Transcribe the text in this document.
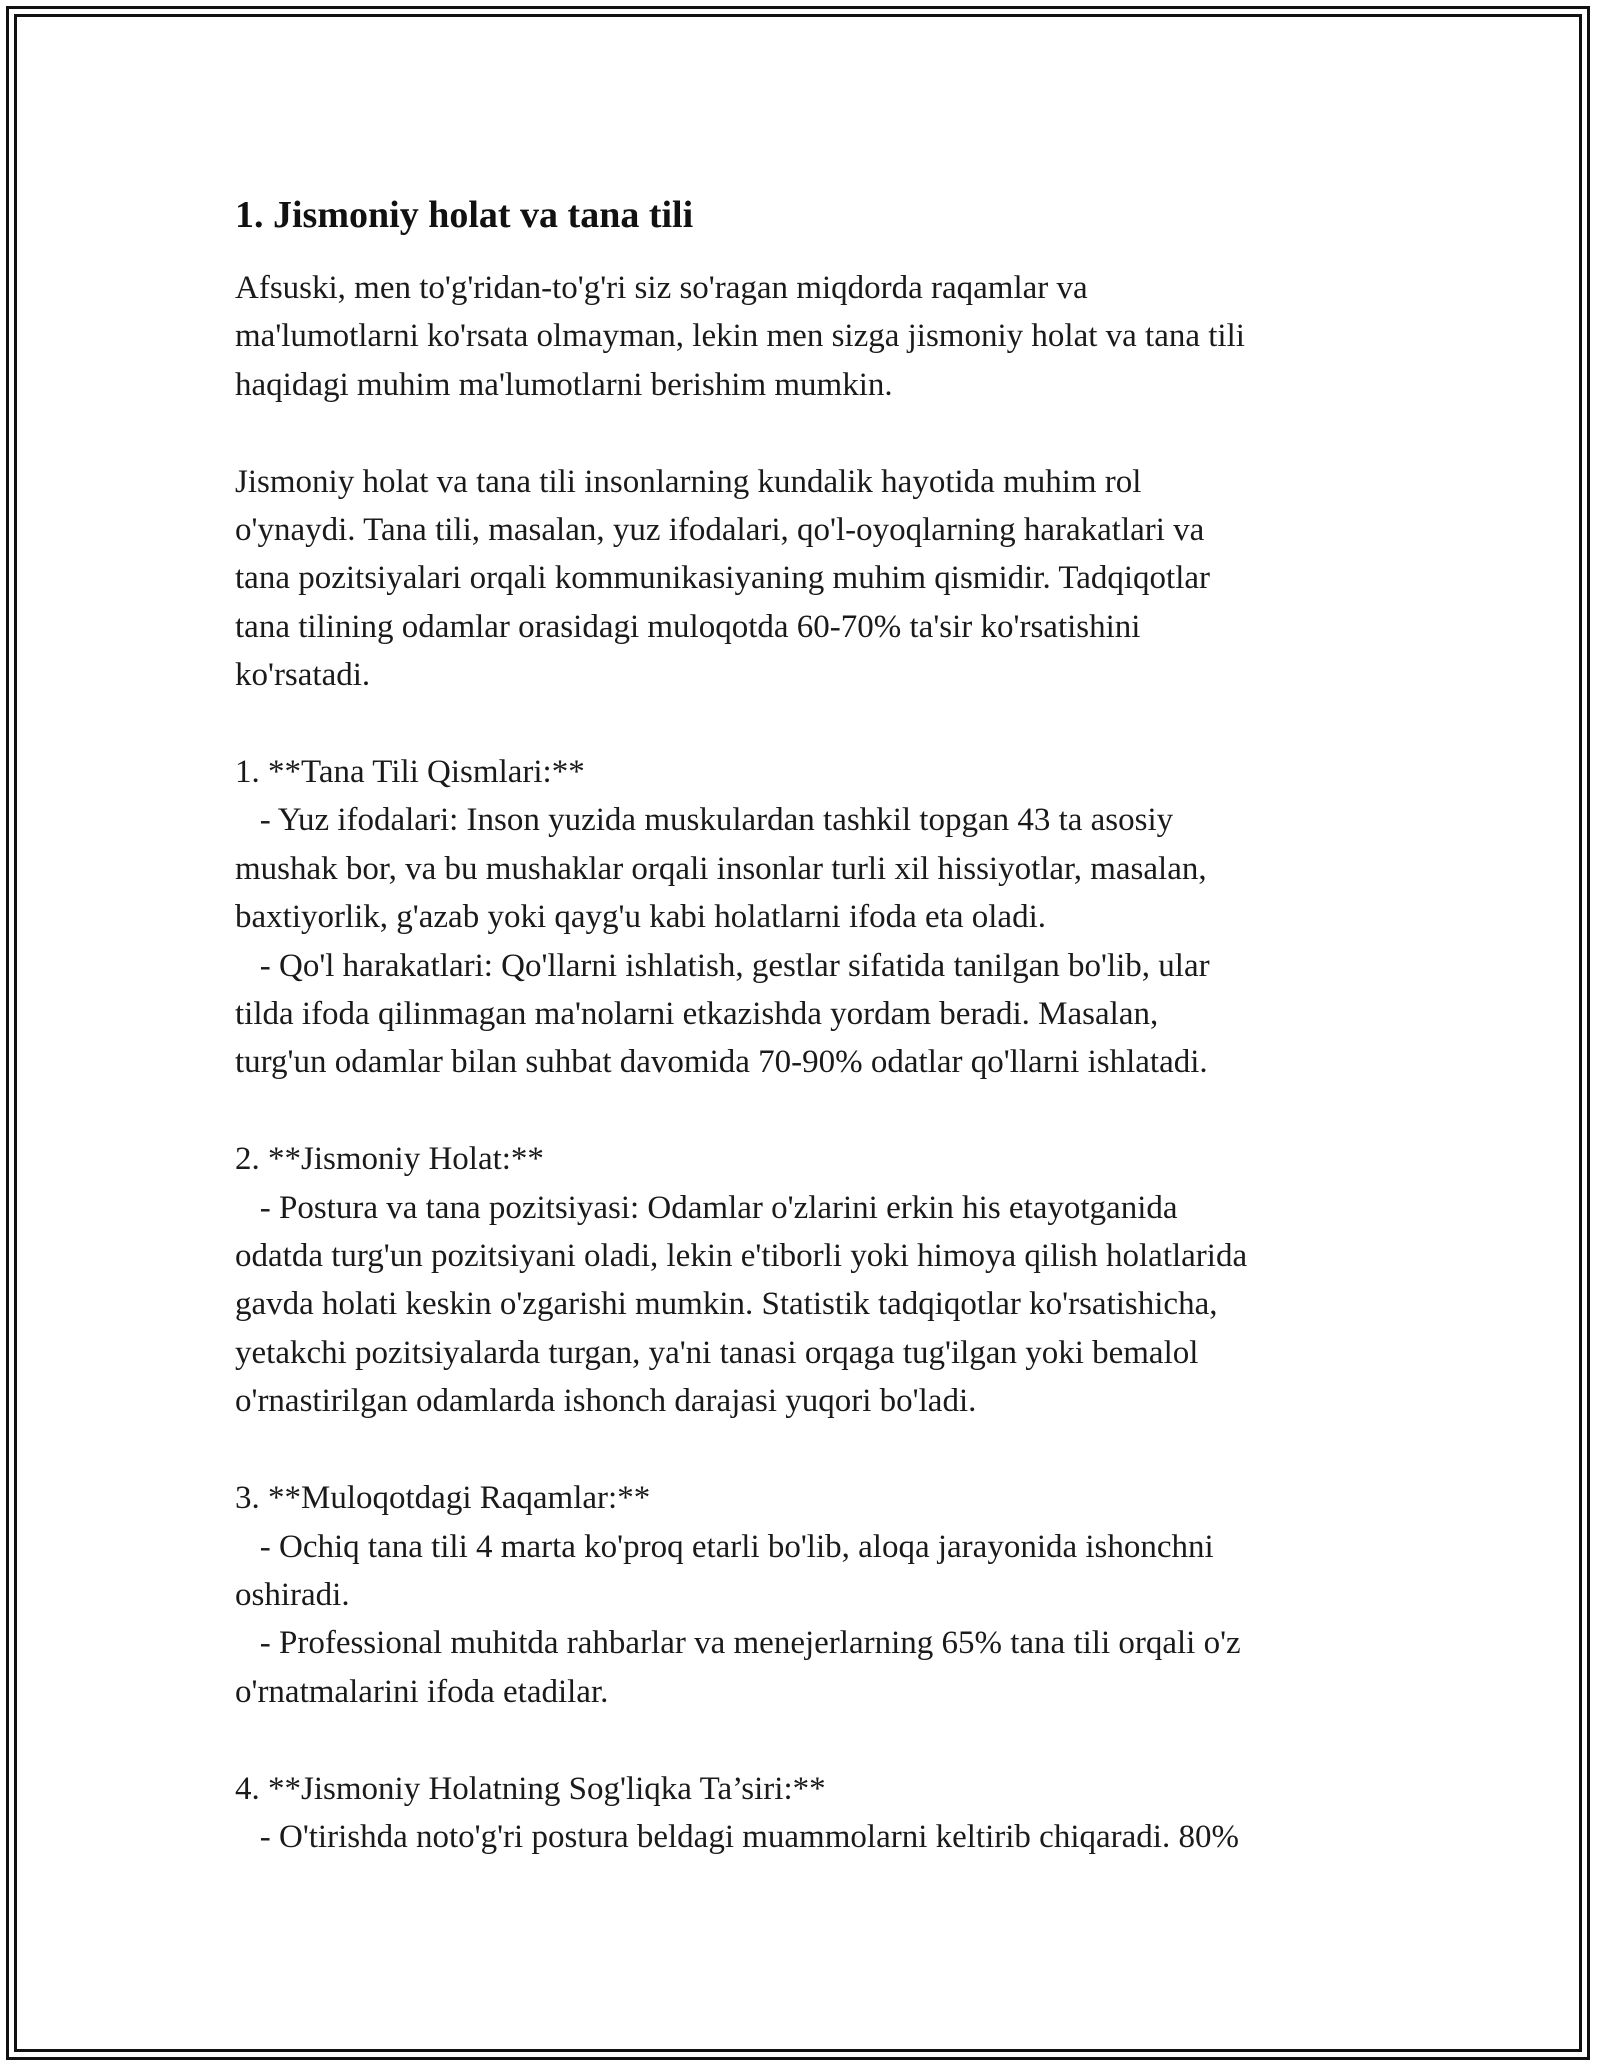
1. Jismoniy holat va tana tili
Afsuski, men to'g'ridan-to'g'ri siz so'ragan miqdorda raqamlar va
ma'lumotlarni ko'rsata olmayman, lekin men sizga jismoniy holat va tana tili
haqidagi muhim ma'lumotlarni berishim mumkin.
Jismoniy holat va tana tili insonlarning kundalik hayotida muhim rol
o'ynaydi. Tana tili, masalan, yuz ifodalari, qo'l-oyoqlarning harakatlari va
tana pozitsiyalari orqali kommunikasiyaning muhim qismidir. Tadqiqotlar
tana tilining odamlar orasidagi muloqotda 60-70% ta'sir ko'rsatishini
ko'rsatadi.
1. **Tana Tili Qismlari:**
- Yuz ifodalari: Inson yuzida muskulardan tashkil topgan 43 ta asosiy
mushak bor, va bu mushaklar orqali insonlar turli xil hissiyotlar, masalan,
baxtiyorlik, g'azab yoki qayg'u kabi holatlarni ifoda eta oladi.
- Qo'l harakatlari: Qo'llarni ishlatish, gestlar sifatida tanilgan bo'lib, ular
tilda ifoda qilinmagan ma'nolarni etkazishda yordam beradi. Masalan,
turg'un odamlar bilan suhbat davomida 70-90% odatlar qo'llarni ishlatadi.
2. **Jismoniy Holat:**
- Postura va tana pozitsiyasi: Odamlar o'zlarini erkin his etayotganida
odatda turg'un pozitsiyani oladi, lekin e'tiborli yoki himoya qilish holatlarida
gavda holati keskin o'zgarishi mumkin. Statistik tadqiqotlar ko'rsatishicha,
yetakchi pozitsiyalarda turgan, ya'ni tanasi orqaga tug'ilgan yoki bemalol
o'rnastirilgan odamlarda ishonch darajasi yuqori bo'ladi.
3. **Muloqotdagi Raqamlar:**
- Ochiq tana tili 4 marta ko'proq etarli bo'lib, aloqa jarayonida ishonchni
oshiradi.
- Professional muhitda rahbarlar va menejerlarning 65% tana tili orqali o'z
o'rnatmalarini ifoda etadilar.
4. **Jismoniy Holatning Sog'liqka Ta’siri:**
- O'tirishda noto'g'ri postura beldagi muammolarni keltirib chiqaradi. 80%
